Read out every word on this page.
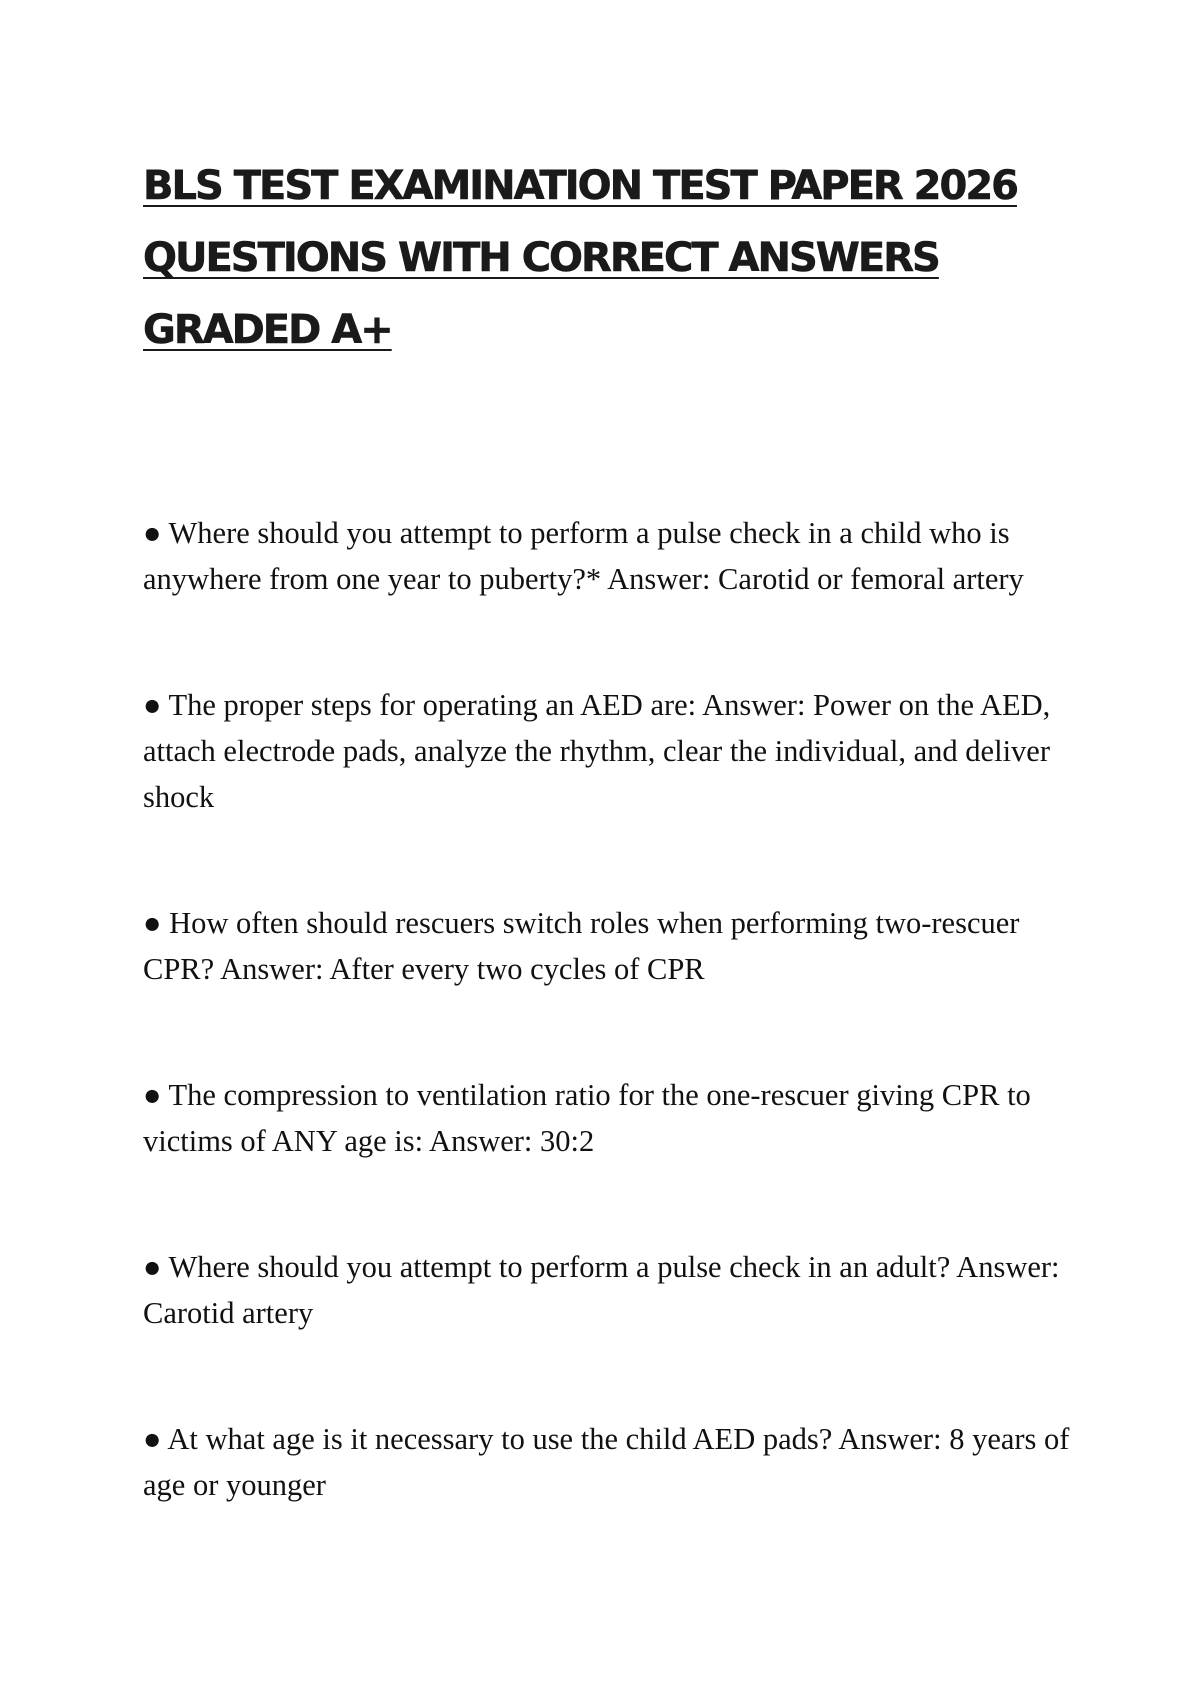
BLS TEST EXAMINATION TEST PAPER 2026
QUESTIONS WITH CORRECT ANSWERS
GRADED A+
● Where should you attempt to perform a pulse check in a child who is anywhere from one year to puberty?* Answer: Carotid or femoral artery
● The proper steps for operating an AED are: Answer: Power on the AED, attach electrode pads, analyze the rhythm, clear the individual, and deliver shock
● How often should rescuers switch roles when performing two-rescuer CPR? Answer: After every two cycles of CPR
● The compression to ventilation ratio for the one-rescuer giving CPR to victims of ANY age is: Answer: 30:2
● Where should you attempt to perform a pulse check in an adult? Answer: Carotid artery
● At what age is it necessary to use the child AED pads? Answer: 8 years of age or younger
